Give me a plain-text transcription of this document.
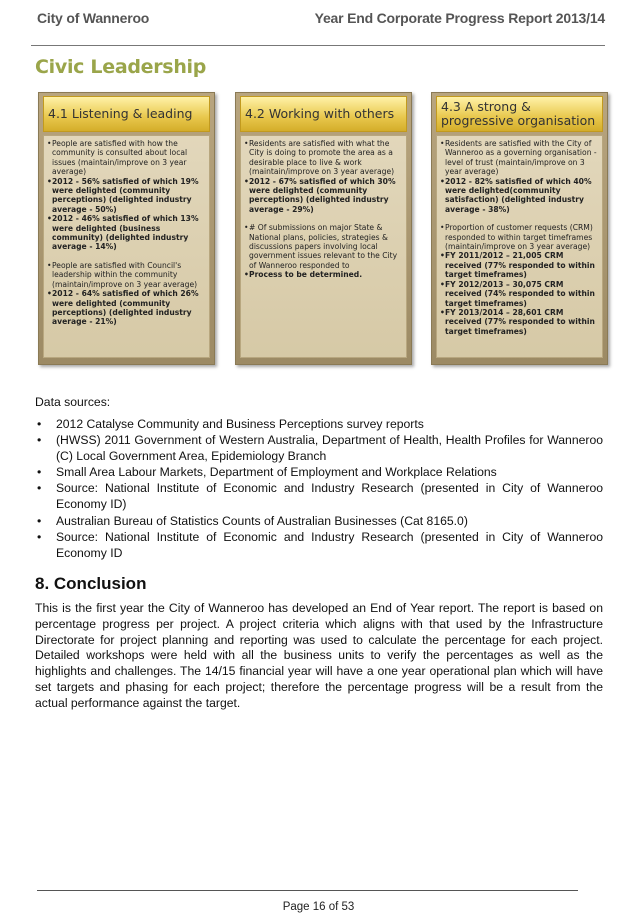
City of Wanneroo	Year End Corporate Progress Report 2013/14
Civic Leadership
4.1 Listening & leading
• People are satisfied with how the community is consulted about local issues (maintain/improve on 3 year average)
• 2012 - 56% satisfied of which 19% were delighted (community perceptions) (delighted industry average - 50%)
• 2012 - 46% satisfied of which 13% were delighted (business community) (delighted industry average - 14%)
• People are satisfied with Council's leadership within the community (maintain/improve on 3 year average)
• 2012 - 64% satisfied of which 26% were delighted (community perceptions) (delighted industry average - 21%)
4.2 Working with others
• Residents are satisfied with what the City is doing to promote the area as a desirable place to live & work (maintain/improve on 3 year average)
• 2012 - 67% satisfied of which 30% were delighted (community perceptions) (delighted industry average - 29%)
• # Of submissions on major State & National plans, policies, strategies & discussions papers involving local government issues relevant to the City of Wanneroo responded to
• Process to be determined.
4.3 A strong & progressive organisation
• Residents are satisfied with the City of Wanneroo as a governing organisation - level of trust (maintain/improve on 3 year average)
• 2012 - 82% satisfied of which 40% were delighted(community satisfaction) (delighted industry average - 38%)
• Proportion of customer requests (CRM) responded to within target timeframes (maintain/improve on 3 year average)
• FY 2011/2012 – 21,005 CRM received (77% responded to within target timeframes)
• FY 2012/2013 – 30,075 CRM received (74% responded to within target timeframes)
• FY 2013/2014 – 28,601 CRM received (77% responded to within target timeframes)
Data sources:
• 2012 Catalyse Community and Business Perceptions survey reports
• (HWSS) 2011 Government of Western Australia, Department of Health, Health Profiles for Wanneroo (C) Local Government Area, Epidemiology Branch
• Small Area Labour Markets, Department of Employment and Workplace Relations
• Source: National Institute of Economic and Industry Research (presented in City of Wanneroo Economy ID)
• Australian Bureau of Statistics Counts of Australian Businesses (Cat 8165.0)
• Source: National Institute of Economic and Industry Research (presented in City of Wanneroo Economy ID
8. Conclusion
This is the first year the City of Wanneroo has developed an End of Year report. The report is based on percentage progress per project. A project criteria which aligns with that used by the Infrastructure Directorate for project planning and reporting was used to calculate the percentage for each project. Detailed workshops were held with all the business units to verify the percentages as well as the highlights and challenges. The 14/15 financial year will have a one year operational plan which will have set targets and phasing for each project; therefore the percentage progress will be a result from the actual performance against the target.
Page 16 of 53
